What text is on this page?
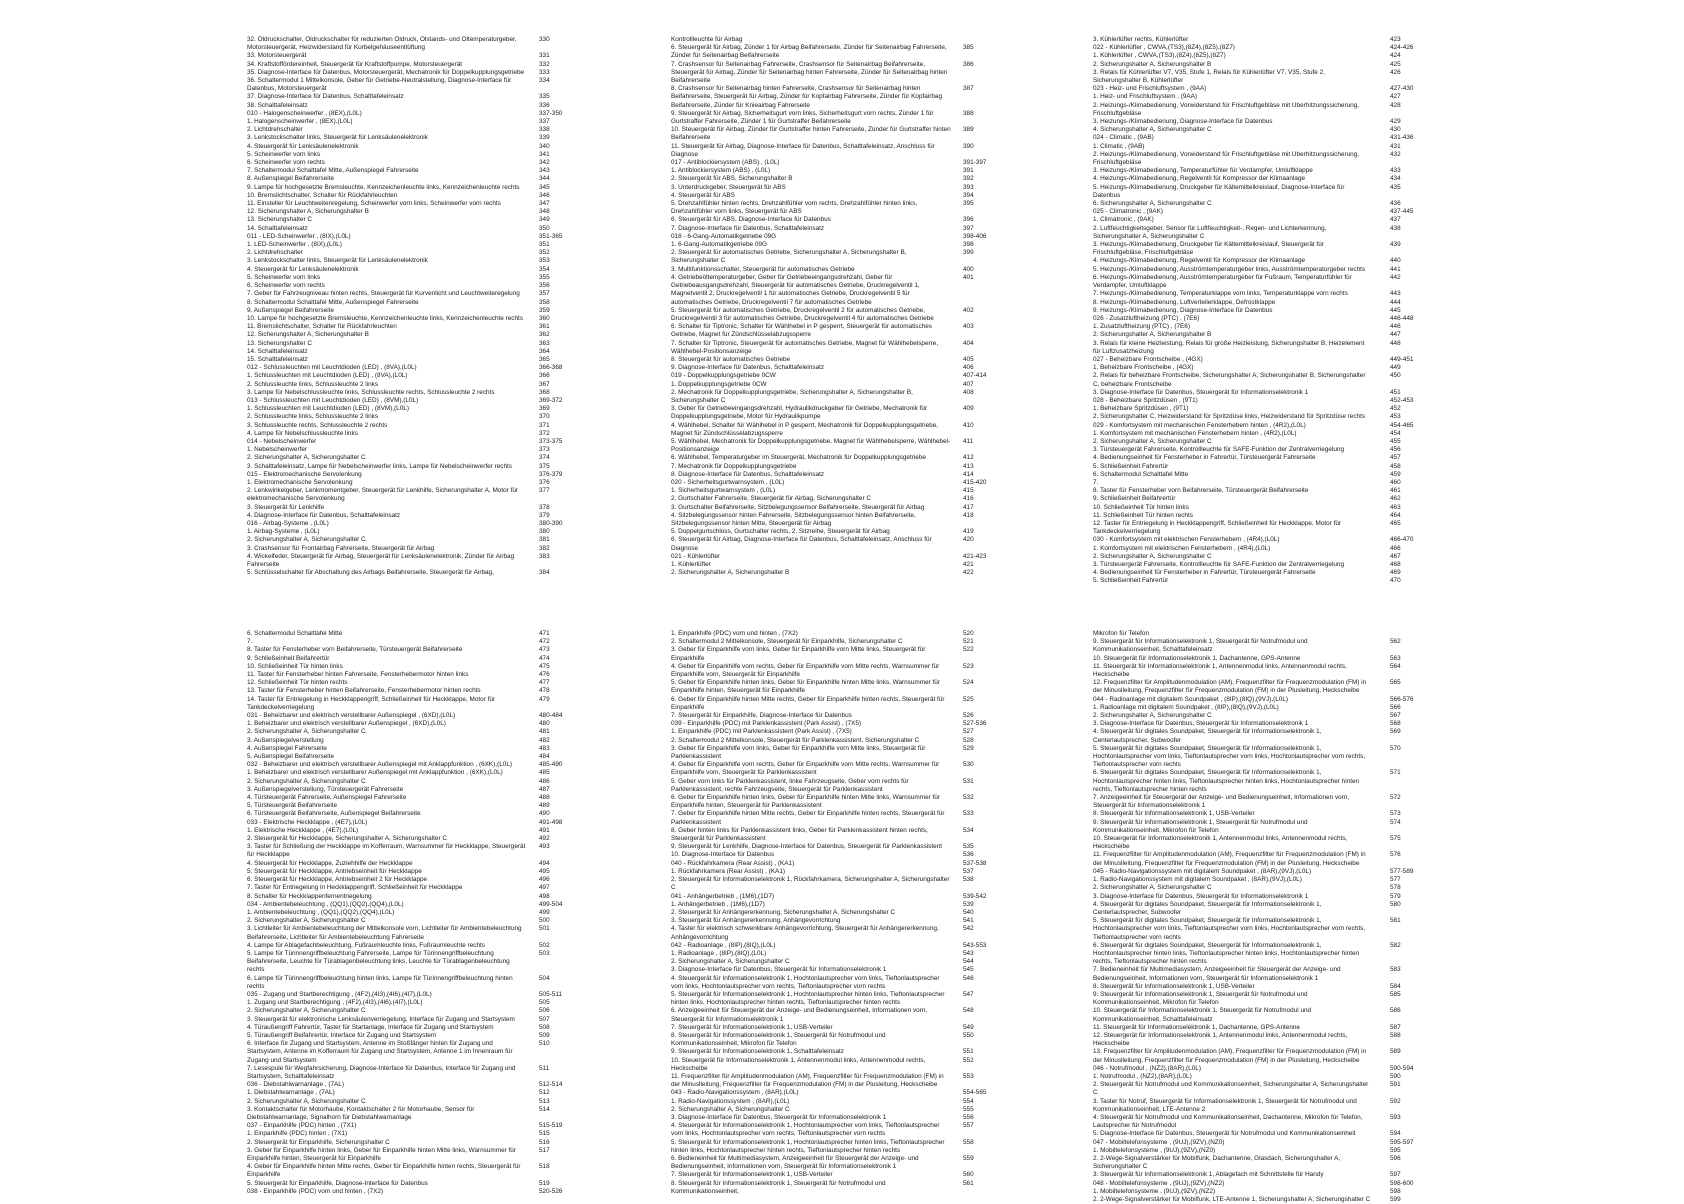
32. Öldruckschalter, Öldruckschalter für reduzierten Öldruck, Ölstands- und Öltemperaturgeber, Motorsteuergerät, Heizwiderstand für Kurbelgehäuseentlüftung
330
33. Motorsteuergerät	331
34. Kraftstoffördereinheit, Steuergerät für Kraftstoffpumpe, Motorsteuergerät	332
35. Diagnose-Interface für Datenbus, Motorsteuergerät, Mechatronik für Doppelkupplungsgetriebe	333
36. Schaltermodul 1 Mittelkonsole, Geber für Getriebe-Neutralstellung, Diagnose-Interface für Datenbus, Motorsteuergerät
334
37. Diagnose-Interface für Datenbus, Schalttafeleinsatz	335
38. Schalttafeleinsatz	336
010 - Halogenscheinwerfer , (8EX),(L0L)	337-350
1. Halogenscheinwerfer , (8EX),(L0L)	337
2. Lichtdrehschalter	338
3. Lenkstockschalter links, Steuergerät für Lenksäulenelektronik	339
4. Steuergerät für Lenksäulenelektronik	340
5. Scheinwerfer vorn links	341
6. Scheinwerfer vorn rechts	342
7. Schaltermodul Schalttafel Mitte, Außenspiegel Fahrerseite	343
8. Außenspiegel Beifahrerseite	344
9. Lampe für hochgesetzte Bremsleuchte, Kennzeichenleuchte links, Kennzeichenleuchte rechts	345
10. Bremslichtschalter, Schalter für Rückfahrleuchten	346
11. Einsteller für Leuchtweitenregelung, Scheinwerfer vorn links, Scheinwerfer vorn rechts	347
12. Sicherungshalter A, Sicherungshalter B	348
13. Sicherungshalter C	349
14. Schalttafeleinsatz	350
011 - LED-Scheinwerfer , (8IX),(L0L)	351-365
1. LED-Scheinwerfer , (8IX),(L0L)	351
2. Lichtdrehschalter	352
3. Lenkstockschalter links, Steuergerät für Lenksäulenelektronik	353
4. Steuergerät für Lenksäulenelektronik	354
5. Scheinwerfer vorn links	355
6. Scheinwerfer vorn rechts	356
7. Geber für Fahrzeugniveau hinten rechts, Steuergerät für Kurvenlicht und Leuchtweiteregelung	357
8. Schaltermodul Schalttafel Mitte, Außenspiegel Fahrerseite	358
9. Außenspiegel Beifahrerseite	359
10. Lampe für hochgesetzte Bremsleuchte, Kennzeichenleuchte links, Kennzeichenleuchte rechts	360
11. Bremslichtschalter, Schalter für Rückfahrleuchten	361
12. Sicherungshalter A, Sicherungshalter B	362
13. Sicherungshalter C	363
14. Schalttafeleinsatz	364
15. Schalttafeleinsatz	365
012 - Schlussleuchten mit Leuchtdioden (LED) , (8VA),(L0L)	366-368
1. Schlussleuchten mit Leuchtdioden (LED) , (8VA),(L0L)	366
2. Schlussleuchte links, Schlussleuchte 2 links	367
3. Lampe für Nebelschlussleuchte links, Schlussleuchte rechts, Schlussleuchte 2 rechts	368
013 - Schlussleuchten mit Leuchtdioden (LED) , (8VM),(L0L)	369-372
1. Schlussleuchten mit Leuchtdioden (LED) , (8VM),(L0L)	369
2. Schlussleuchte links, Schlussleuchte 2 links	370
3. Schlussleuchte rechts, Schlussleuchte 2 rechts	371
4. Lampe für Nebelschlussleuchte links	372
014 - Nebelscheinwerfer	373-375
1. Nebelscheinwerfer	373
2. Sicherungshalter A, Sicherungshalter C	374
3. Schalttafeleinsatz, Lampe für Nebelscheinwerfer links, Lampe für Nebelscheinwerfer rechts	375
015 - Elektromechanische Servolenkung	376-379
1. Elektromechanische Servolenkung	376
2. Lenkwinkelgeber, Lenkmomentgeber, Steuergerät für Lenkhilfe, Sicherungshalter A, Motor für elektromechanische Servolenkung
377
3. Steuergerät für Lenkhilfe	378
4. Diagnose-Interface für Datenbus, Schalttafeleinsatz	379
016 - Airbag-Systeme , (L0L)	380-390
1. Airbag-Systeme , (L0L)	380
2. Sicherungshalter A, Sicherungshalter C	381
3. Crashsensor für Frontairbag Fahrerseite, Steuergerät für Airbag	382
4. Wickelfeder, Steuergerät für Airbag, Steuergerät für Lenksäulenelektronik, Zünder für Airbag Fahrerseite
383
5. Schlüsselschalter für Abschaltung des Airbags Beifahrerseite, Steuergerät für Airbag,	384
Kontrollleuchte für Airbag
6. Steuergerät für Airbag, Zünder 1 für Airbag Beifahrerseite, Zünder für Seitenairbag Fahrerseite, Zünder für Seitenairbag Beifahrerseite
385
7. Crashsensor für Seitenairbag Fahrerseite, Crashsensor für Seitenairbag Beifahrerseite, Steuergerät für Airbag, Zünder für Seitenairbag hinten Fahrerseite, Zünder für Seitenairbag hinten Beifahrerseite
386
8. Crashsensor für Seitenairbag hinten Fahrerseite, Crashsensor für Seitenairbag hinten Beifahrerseite, Steuergerät für Airbag, Zünder für Kopfairbag Fahrerseite, Zünder für Kopfairbag Beifahrerseite, Zünder für Knieairbag Fahrerseite
387
9. Steuergerät für Airbag, Sicherheitsgurt vorn links, Sicherheitsgurt vorn rechts, Zünder 1 für Gurtstraffer Fahrerseite, Zünder 1 für Gurtstraffer Beifahrerseite
388
10. Steuergerät für Airbag, Zünder für Gurtstraffer hinten Fahrerseite, Zünder für Gurtstraffer hinten Beifahrerseite
389
11. Steuergerät für Airbag, Diagnose-Interface für Datenbus, Schalttafeleinsatz, Anschluss für Diagnose
390
017 - Antiblockiersystem (ABS) , (L0L)	391-397
1. Antiblockiersystem (ABS) , (L0L)	391
2. Steuergerät für ABS, Sicherungshalter B	392
3. Unterdruckgeber, Steuergerät für ABS	393
4. Steuergerät für ABS	394
5. Drehzahlfühler hinten rechts, Drehzahlfühler vorn rechts, Drehzahlfühler hinten links, Drehzahlfühler vorn links, Steuergerät für ABS
395
6. Steuergerät für ABS, Diagnose-Interface für Datenbus	396
7. Diagnose-Interface für Datenbus, Schalttafeleinsatz	397
018 - 6-Gang-Automatikgetriebe 09G	398-406
1. 6-Gang-Automatikgetriebe 09G	398
2. Steuergerät für automatisches Getriebe, Sicherungshalter A, Sicherungshalter B, Sicherungshalter C
399
3. Multifunktionsschalter, Steuergerät für automatisches Getriebe	400
4. Getriebeöltemperaturgeber, Geber für Getriebeeingangsdrehzahl, Geber für Getriebeausgangsdrehzahl, Steuergerät für automatisches Getriebe, Druckregelventil 1, Magnetventil 2, Druckregelventil 1 für automatisches Getriebe, Druckregelventil 5 für automatisches Getriebe, Druckregelventil 7 für automatisches Getriebe
401
5. Steuergerät für automatisches Getriebe, Druckregelventil 2 für automatisches Getriebe, Druckregelventil 3 für automatisches Getriebe, Druckregelventil 4 für automatisches Getriebe
402
6. Schalter für Tiptronic, Schalter für Wählhebel in P gesperrt, Steuergerät für automatisches Getriebe, Magnet für Zündschlüsselabzugssperre
403
7. Schalter für Tiptronic, Steuergerät für automatisches Getriebe, Magnet für Wählhebelsperre, Wählhebel-Positionsanzeige
404
8. Steuergerät für automatisches Getriebe	405
9. Diagnose-Interface für Datenbus, Schalttafeleinsatz	406
019 - Doppelkupplungsgetriebe 0CW	407-414
1. Doppelkupplungsgetriebe 0CW	407
2. Mechatronik für Doppelkupplungsgetriebe, Sicherungshalter A, Sicherungshalter B, Sicherungshalter C
408
3. Geber für Getriebeeingangsdrehzahl, Hydraulikdruckgeber für Getriebe, Mechatronik für Doppelkupplungsgetriebe, Motor für Hydraulikpumpe
409
4. Wählhebel, Schalter für Wählhebel in P gesperrt, Mechatronik für Doppelkupplungsgetriebe, Magnet für Zündschlüsselabzugssperre
410
5. Wählhebel, Mechatronik für Doppelkupplungsgetriebe, Magnet für Wählhebelsperre, Wählhebel-Positionsanzeige
411
6. Wählhebel, Temperaturgeber im Steuergerät, Mechatronik für Doppelkupplungsgetriebe	412
7. Mechatronik für Doppelkupplungsgetriebe	413
8. Diagnose-Interface für Datenbus, Schalttafeleinsatz	414
020 - Sicherheitsgurtwarnsystem , (L0L)	415-420
1. Sicherheitsgurtwarnsystem , (L0L)	415
2. Gurtschalter Fahrerseite, Steuergerät für Airbag, Sicherungshalter C	416
3. Gurtschalter Beifahrerseite, Sitzbelegungssensor Beifahrerseite, Steuergerät für Airbag	417
4. Sitzbelegungssensor hinten Fahrerseite, Sitzbelegungssensor hinten Beifahrerseite, Sitzbelegungssensor hinten Mitte, Steuergerät für Airbag
418
5. Doppelgurtschloss, Gurtschalter rechts, 2. Sitzreihe, Steuergerät für Airbag	419
6. Steuergerät für Airbag, Diagnose-Interface für Datenbus, Schalttafeleinsatz, Anschluss für Diagnose
420
021 - Kühlerlüfter	421-423
1. Kühlerlüfter	421
2. Sicherungshalter A, Sicherungshalter B	422
3. Kühlerlüfter rechts, Kühlerlüfter	423
022 - Kühlerlüfter , CWVA,(TS3),(8Z4),(8Z5),(8Z7)	424-426
1. Kühlerlüfter , CWVA,(TS3),(8Z4),(8Z5),(8Z7)	424
2. Sicherungshalter A, Sicherungshalter B	425
3. Relais für Kühlerlüfter V7, V35, Stufe 1, Relais für Kühlerlüfter V7, V35, Stufe 2, Sicherungshalter B, Kühlerlüfter
426
023 - Heiz- und Frischluftsystem , (9AA)	427-430
1. Heiz- und Frischluftsystem , (9AA)	427
2. Heizungs-/Klimabedienung, Vorwiderstand für Frischluftgebläse mit Überhitzungssicherung, Frischluftgebläse
428
3. Heizungs-/Klimabedienung, Diagnose-Interface für Datenbus	429
4. Sicherungshalter A, Sicherungshalter C	430
024 - Climatic , (9AB)	431-436
1. Climatic , (9AB)	431
2. Heizungs-/Klimabedienung, Vorwiderstand für Frischluftgebläse mit Überhitzungssicherung, Frischluftgebläse
432
3. Heizungs-/Klimabedienung, Temperaturfühler für Verdampfer, Umluftklappe	433
4. Heizungs-/Klimabedienung, Regelventil für Kompressor der Klimaanlage	434
5. Heizungs-/Klimabedienung, Druckgeber für Kältemittelkreislauf, Diagnose-Interface für Datenbus
435
6. Sicherungshalter A, Sicherungshalter C	436
025 - Climatronic , (9AK)	437-445
1. Climatronic , (9AK)	437
2. Luftfeuchtigkeitsgeber, Sensor für Luftfeuchtigkeit-, Regen- und Lichterkennung, Sicherungshalter A, Sicherungshalter C
438
3. Heizungs-/Klimabedienung, Druckgeber für Kältemittelkreislauf, Steuergerät für Frischluftgebläse, Frischluftgebläse
439
4. Heizungs-/Klimabedienung, Regelventil für Kompressor der Klimaanlage	440
5. Heizungs-/Klimabedienung, Ausströmtemperaturgeber links, Ausströmtemperaturgeber rechts	441
6. Heizungs-/Klimabedienung, Ausströmtemperaturgeber für Fußraum, Temperaturfühler für Verdampfer, Umluftklappe
442
7. Heizungs-/Klimabedienung, Temperaturklappe vorn links, Temperaturklappe vorn rechts	443
8. Heizungs-/Klimabedienung, Luftverteilerklappe, Defrostklappe	444
9. Heizungs-/Klimabedienung, Diagnose-Interface für Datenbus	445
026 - Zusatzluftheizung (PTC) , (7E6)	446-448
1. Zusatzluftheizung (PTC) , (7E6)	446
2. Sicherungshalter A, Sicherungshalter B	447
3. Relais für kleine Heizleistung, Relais für große Heizleistung, Sicherungshalter B, Heizelement für Luftzusatzheizung
448
027 - Beheizbare Frontscheibe , (4GX)	449-451
1. Beheizbare Frontscheibe , (4GX)	449
2. Relais für beheizbare Frontscheibe, Sicherungshalter A, Sicherungshalter B, Sicherungshalter C, beheizbare Frontscheibe
450
3. Diagnose-Interface für Datenbus, Steuergerät für Informationselektronik 1	451
028 - Beheizbare Spritzdüsen , (9T1)	452-453
1. Beheizbare Spritzdüsen , (9T1)	452
2. Sicherungshalter C, Heizwiderstand für Spritzdüse links, Heizwiderstand für Spritzdüse rechts	453
029 - Komfortsystem mit mechanischen Fensterhebern hinten , (4R2),(L0L)	454-465
1. Komfortsystem mit mechanischen Fensterhebern hinten , (4R2),(L0L)	454
2. Sicherungshalter A, Sicherungshalter C	455
3. Türsteuergerät Fahrerseite, Kontrollleuchte für SAFE-Funktion der Zentralverriegelung	456
4. Bedienungseinheit für Fensterheber in Fahrertür, Türsteuergerät Fahrerseite	457
5. Schließeinheit Fahrertür	458
6. Schaltermodul Schalttafel Mitte	459
7.	460
8. Taster für Fensterheber vorn Beifahrerseite, Türsteuergerät Beifahrerseite	461
9. Schließeinheit Beifahrertür	462
10. Schließeinheit Tür hinten links	463
11. Schließeinheit Tür hinten rechts	464
12. Taster für Entriegelung in Heckklappengriff, Schließeinheit für Heckklappe, Motor für Tankdeckelverriegelung
465
030 - Komfortsystem mit elektrischen Fensterhebern , (4R4),(L0L)	466-470
1. Komfortsystem mit elektrischen Fensterhebern , (4R4),(L0L)	466
2. Sicherungshalter A, Sicherungshalter C	467
3. Türsteuergerät Fahrerseite, Kontrollleuchte für SAFE-Funktion der Zentralverriegelung	468
4. Bedienungseinheit für Fensterheber in Fahrertür, Türsteuergerät Fahrerseite	469
5. Schließeinheit Fahrertür	470
6. Schaltermodul Schalttafel Mitte	471
7.	472
8. Taster für Fensterheber vorn Beifahrerseite, Türsteuergerät Beifahrerseite	473
9. Schließeinheit Beifahrertür	474
10. Schließeinheit Tür hinten links	475
11. Taster für Fensterheber hinten Fahrerseite, Fensterhebermotor hinten links	476
12. Schließeinheit Tür hinten rechts	477
13. Taster für Fensterheber hinten Beifahrerseite, Fensterhebermotor hinten rechts	478
14. Taster für Entriegelung in Heckklappengriff, Schließeinheit für Heckklappe, Motor für Tankdeckelverriegelung
479
031 - Beheizbarer und elektrisch verstellbarer Außenspiegel , (6XD),(L0L)	480-484
1. Beheizbarer und elektrisch verstellbarer Außenspiegel , (6XD),(L0L)	480
2. Sicherungshalter A, Sicherungshalter C	481
3. Außenspiegelverstellung	482
4. Außenspiegel Fahrerseite	483
5. Außenspiegel Beifahrerseite	484
032 - Beheizbarer und elektrisch verstellbarer Außenspiegel mit Anklappfunktion , (6XK),(L0L)	485-490
1. Beheizbarer und elektrisch verstellbarer Außenspiegel mit Anklappfunktion , (6XK),(L0L)	485
2. Sicherungshalter A, Sicherungshalter C	486
3. Außenspiegelverstellung, Türsteuergerät Fahrerseite	487
4. Türsteuergerät Fahrerseite, Außenspiegel Fahrerseite	488
5. Türsteuergerät Beifahrerseite	489
6. Türsteuergerät Beifahrerseite, Außenspiegel Beifahrerseite	490
033 - Elektrische Heckklappe , (4E7),(L0L)	491-498
1. Elektrische Heckklappe , (4E7),(L0L)	491
2. Steuergerät für Heckklappe, Sicherungshalter A, Sicherungshalter C	492
3. Taster für Schließung der Heckklappe im Kofferraum, Warnsummer für Heckklappe, Steuergerät für Heckklappe
493
4. Steuergerät für Heckklappe, Zuziehhilfe der Heckklappe	494
5. Steuergerät für Heckklappe, Antriebseinheit für Heckklappe	495
6. Steuergerät für Heckklappe, Antriebseinheit 2 für Heckklappe	496
7. Taster für Entriegelung in Heckklappengriff, Schließeinheit für Heckklappe	497
8. Schalter für Heckklappenfernentriegelung	498
034 - Ambientebeleuchtung , (QQ1),(QQ2),(QQ4),(L0L)	499-504
1. Ambientebeleuchtung , (QQ1),(QQ2),(QQ4),(L0L)	499
2. Sicherungshalter A, Sicherungshalter C	500
3. Lichtleiter für Ambientebeleuchtung der Mittelkonsole vorn, Lichtleiter für Ambientebeleuchtung Beifahrerseite, Lichtleiter für Ambientebeleuchtung Fahrerseite
501
4. Lampe für Ablagefachbeleuchtung, Fußraumleuchte links, Fußraumleuchte rechts	502
5. Lampe für Türinnengriffbeleuchtung Fahrerseite, Lampe für Türinnengriffbeleuchtung Beifahrerseite, Leuchte für Türablagenbeleuchtung links, Leuchte für Türablagenbeleuchtung rechts
503
6. Lampe für Türinnengriffbeleuchtung hinten links, Lampe für Türinnengriffbeleuchtung hinten rechts
504
035 - Zugang und Startberechtigung , (4F2),(4I3),(4I6),(4I7),(L0L)	505-511
1. Zugang und Startberechtigung , (4F2),(4I3),(4I6),(4I7),(L0L)	505
2. Sicherungshalter A, Sicherungshalter C	506
3. Steuergerät für elektronische Lenksäulenverriegelung, Interface für Zugang und Startsystem	507
4. Türaußengriff Fahrertür, Taster für Startanlage, Interface für Zugang und Startsystem	508
5. Türaußengriff Beifahrertür, Interface für Zugang und Startsystem	509
6. Interface für Zugang und Startsystem, Antenne im Stoßfänger hinten für Zugang und Startsystem, Antenne im Kofferraum für Zugang und Startsystem, Antenne 1 im Innenraum für Zugang und Startsystem
510
7. Lesespule für Wegfahrsicherung, Diagnose-Interface für Datenbus, Interface für Zugang und Startsystem, Schalttafeleinsatz
511
036 - Diebstahlwarnanlage , (7AL)	512-514
1. Diebstahlwarnanlage , (7AL)	512
2. Sicherungshalter A, Sicherungshalter C	513
3. Kontaktschalter für Motorhaube, Kontaktschalter 2 für Motorhaube, Sensor für Diebstahlwarnanlage, Signalhorn für Diebstahlwarnanlage
514
037 - Einparkhilfe (PDC) hinten , (7X1)	515-519
1. Einparkhilfe (PDC) hinten , (7X1)	515
2. Steuergerät für Einparkhilfe, Sicherungshalter C	516
3. Geber für Einparkhilfe hinten links, Geber für Einparkhilfe hinten Mitte links, Warnsummer für Einparkhilfe hinten, Steuergerät für Einparkhilfe
517
4. Geber für Einparkhilfe hinten Mitte rechts, Geber für Einparkhilfe hinten rechts, Steuergerät für Einparkhilfe
518
5. Steuergerät für Einparkhilfe, Diagnose-Interface für Datenbus	519
038 - Einparkhilfe (PDC) vorn und hinten , (7X2)	520-526
1. Einparkhilfe (PDC) vorn und hinten , (7X2)	520
2. Schaltermodul 2 Mittelkonsole, Steuergerät für Einparkhilfe, Sicherungshalter C	521
3. Geber für Einparkhilfe vorn links, Geber für Einparkhilfe vorn Mitte links, Steuergerät für Einparkhilfe
522
4. Geber für Einparkhilfe vorn rechts, Geber für Einparkhilfe vorn Mitte rechts, Warnsummer für Einparkhilfe vorn, Steuergerät für Einparkhilfe
523
5. Geber für Einparkhilfe hinten links, Geber für Einparkhilfe hinten Mitte links, Warnsummer für Einparkhilfe hinten, Steuergerät für Einparkhilfe
524
6. Geber für Einparkhilfe hinten Mitte rechts, Geber für Einparkhilfe hinten rechts, Steuergerät für Einparkhilfe
525
7. Steuergerät für Einparkhilfe, Diagnose-Interface für Datenbus	526
039 - Einparkhilfe (PDC) mit Parklenkassistent (Park Assist) , (7X5)	527-536
1. Einparkhilfe (PDC) mit Parklenkassistent (Park Assist) , (7X5)	527
2. Schaltermodul 2 Mittelkonsole, Steuergerät für Parklenkassistent, Sicherungshalter C	528
3. Geber für Einparkhilfe vorn links, Geber für Einparkhilfe vorn Mitte links, Steuergerät für Parklenkassistent
529
4. Geber für Einparkhilfe vorn rechts, Geber für Einparkhilfe vorn Mitte rechts, Warnsummer für Einparkhilfe vorn, Steuergerät für Parklenkassistent
530
5. Geber vorn links für Parklenkassistent, linke Fahrzeugseite, Geber vorn rechts für Parklenkassistent, rechte Fahrzeugseite, Steuergerät für Parklenkassistent
531
6. Geber für Einparkhilfe hinten links, Geber für Einparkhilfe hinten Mitte links, Warnsummer für Einparkhilfe hinten, Steuergerät für Parklenkassistent
532
7. Geber für Einparkhilfe hinten Mitte rechts, Geber für Einparkhilfe hinten rechts, Steuergerät für Parklenkassistent
533
8. Geber hinten links für Parklenkassistent links, Geber für Parklenkassistent hinten rechts, Steuergerät für Parklenkassistent
534
9. Steuergerät für Lenkhilfe, Diagnose-Interface für Datenbus, Steuergerät für Parklenkassistent	535
10. Diagnose-Interface für Datenbus	536
040 - Rückfahrkamera (Rear Assist) , (KA1)	537-538
1. Rückfahrkamera (Rear Assist) , (KA1)	537
2. Steuergerät für Informationselektronik 1, Rückfahrkamera, Sicherungshalter A, Sicherungshalter C
538
041 - Anhängerbetrieb , (1M6),(1D7)	539-542
1. Anhängerbetrieb , (1M6),(1D7)	539
2. Steuergerät für Anhängererkennung, Sicherungshalter A, Sicherungshalter C	540
3. Steuergerät für Anhängererkennung, Anhängevorrichtung	541
4. Taster für elektrisch schwenkbare Anhängevorrichtung, Steuergerät für Anhängererkennung, Anhängevorrichtung
542
042 - Radioanlage , (8IP),(8IQ),(L0L)	543-553
1. Radioanlage , (8IP),(8IQ),(L0L)	543
2. Sicherungshalter A, Sicherungshalter C	544
3. Diagnose-Interface für Datenbus, Steuergerät für Informationselektronik 1	545
4. Steuergerät für Informationselektronik 1, Hochtonlautsprecher vorn links, Tieftonlautsprecher vorn links, Hochtonlautsprecher vorn rechts, Tieftonlautsprecher vorn rechts
546
5. Steuergerät für Informationselektronik 1, Hochtonlautsprecher hinten links, Tieftonlautsprecher hinten links, Hochtonlautsprecher hinten rechts, Tieftonlautsprecher hinten rechts
547
6. Anzeigeeinheit für Steuergerät der Anzeige- und Bedienungseinheit, Informationen vorn, Steuergerät für Informationselektronik 1
548
7. Steuergerät für Informationselektronik 1, USB-Verteiler	549
8. Steuergerät für Informationselektronik 1, Steuergerät für Notrufmodul und Kommunikationseinheit, Mikrofon für Telefon
550
9. Steuergerät für Informationselektronik 1, Schalttafeleinsatz	551
10. Steuergerät für Informationselektronik 1, Antennenmodul links, Antennenmodul rechts, Heckscheibe
552
11. Frequenzfilter für Amplitudenmodulation (AM), Frequenzfilter für Frequenzmodulation (FM) in der Minuslleitung, Frequenzfilter für Frequenzmodulation (FM) in der Plusleitung, Heckscheibe
553
043 - Radio-Navigationssystem , (8AR),(L0L)	554-565
1. Radio-Navigationssystem , (8AR),(L0L)	554
2. Sicherungshalter A, Sicherungshalter C	555
3. Diagnose-Interface für Datenbus, Steuergerät für Informationselektronik 1	556
4. Steuergerät für Informationselektronik 1, Hochtonlautsprecher vorn links, Tieftonlautsprecher vorn links, Hochtonlautsprecher vorn rechts, Tieftonlautsprecher vorn rechts
557
5. Steuergerät für Informationselektronik 1, Hochtonlautsprecher hinten links, Tieftonlautsprecher hinten links, Hochtonlautsprecher hinten rechts, Tieftonlautsprecher hinten rechts
558
6. Bedieneinheit für Multimediasystem, Anzeigeeinheit für Steuergerät der Anzeige- und Bedienungseinheit, Informationen vorn, Steuergerät für Informationselektronik 1
559
7. Steuergerät für Informationselektronik 1, USB-Verteiler	560
8. Steuergerät für Informationselektronik 1, Steuergerät für Notrufmodul und Kommunikationseinheit,
561
Mikrofon für Telefon
9. Steuergerät für Informationselektronik 1, Steuergerät für Notrufmodul und Kommunikationseinheit, Schalttafeleinsatz
562
10. Steuergerät für Informationselektronik 1, Dachantenne, GPS-Antenne	563
11. Steuergerät für Informationselektronik 1, Antennenmodul links, Antennenmodul rechts, Heckscheibe
564
12. Frequenzfilter für Amplitudenmodulation (AM), Frequenzfilter für Frequenzmodulation (FM) in der Minuslleitung, Frequenzfilter für Frequenzmodulation (FM) in der Plusleitung, Heckscheibe
565
044 - Radioanlage mit digitalem Soundpaket , (8IP),(8IQ),(9VJ),(L0L)	566-576
1. Radioanlage mit digitalem Soundpaket , (8IP),(8IQ),(9VJ),(L0L)	566
2. Sicherungshalter A, Sicherungshalter C	567
3. Diagnose-Interface für Datenbus, Steuergerät für Informationselektronik 1	568
4. Steuergerät für digitales Soundpaket, Steuergerät für Informationselektronik 1, Centerlautsprecher, Subwoofer
569
5. Steuergerät für digitales Soundpaket, Steuergerät für Informationselektronik 1, Hochtonlautsprecher vorn links, Tieftonlautsprecher vorn links, Hochtonlautsprecher vorn rechts, Tieftonlautsprecher vorn rechts
570
6. Steuergerät für digitales Soundpaket, Steuergerät für Informationselektronik 1, Hochtonlautsprecher hinten links, Tieftonlautsprecher hinten links, Hochtonlautsprecher hinten rechts, Tieftonlautsprecher hinten rechts
571
7. Anzeigeeinheit für Steuergerät der Anzeige- und Bedienungseinheit, Informationen vorn, Steuergerät für Informationselektronik 1
572
8. Steuergerät für Informationselektronik 1, USB-Verteiler	573
9. Steuergerät für Informationselektronik 1, Steuergerät für Notrufmodul und Kommunikationseinheit, Mikrofon für Telefon
574
10. Steuergerät für Informationselektronik 1, Antennenmodul links, Antennenmodul rechts, Heckscheibe
575
11. Frequenzfilter für Amplitudenmodulation (AM), Frequenzfilter für Frequenzmodulation (FM) in der Minuslleitung, Frequenzfilter für Frequenzmodulation (FM) in der Plusleitung, Heckscheibe
576
045 - Radio-Navigationssystem mit digitalem Soundpaket , (8AR),(9VJ),(L0L)	577-589
1. Radio-Navigationssystem mit digitalem Soundpaket , (8AR),(9VJ),(L0L)	577
2. Sicherungshalter A, Sicherungshalter C	578
3. Diagnose-Interface für Datenbus, Steuergerät für Informationselektronik 1	579
4. Steuergerät für digitales Soundpaket, Steuergerät für Informationselektronik 1, Centerlautsprecher, Subwoofer
580
5. Steuergerät für digitales Soundpaket, Steuergerät für Informationselektronik 1, Hochtonlautsprecher vorn links, Tieftonlautsprecher vorn links, Hochtonlautsprecher vorn rechts, Tieftonlautsprecher vorn rechts
581
6. Steuergerät für digitales Soundpaket, Steuergerät für Informationselektronik 1, Hochtonlautsprecher hinten links, Tieftonlautsprecher hinten links, Hochtonlautsprecher hinten rechts, Tieftonlautsprecher hinten rechts
582
7. Bedieneinheit für Multimediasystem, Anzeigeeinheit für Steuergerät der Anzeige- und Bedienungseinheit, Informationen vorn, Steuergerät für Informationselektronik 1
583
8. Steuergerät für Informationselektronik 1, USB-Verteiler	584
9. Steuergerät für Informationselektronik 1, Steuergerät für Notrufmodul und Kommunikationseinheit, Mikrofon für Telefon
585
10. Steuergerät für Informationselektronik 1, Steuergerät für Notrufmodul und Kommunikationseinheit, Schalttafeleinsatz
586
11. Steuergerät für Informationselektronik 1, Dachantenne, GPS-Antenne	587
12. Steuergerät für Informationselektronik 1, Antennenmodul links, Antennenmodul rechts, Heckscheibe
588
13. Frequenzfilter für Amplitudenmodulation (AM), Frequenzfilter für Frequenzmodulation (FM) in der Minuslleitung, Frequenzfilter für Frequenzmodulation (FM) in der Plusleitung, Heckscheibe
589
046 - Notrufmodul , (NZ2),(8AR),(L0L)	590-594
1. Notrufmodul , (NZ2),(8AR),(L0L)	590
2. Steuergerät für Notrufmodul und Kommunikationseinheit, Sicherungshalter A, Sicherungshalter C
591
3. Taster für Notruf, Steuergerät für Informationselektronik 1, Steuergerät für Notrufmodul und Kommunikationseinheit, LTE-Antenne 2
592
4. Steuergerät für Notrufmodul und Kommunikationseinheit, Dachantenne, Mikrofon für Telefon, Lautsprecher für Notrufmodul
593
5. Diagnose-Interface für Datenbus, Steuergerät für Notrufmodul und Kommunikationseinheit	594
047 - Mobiltelefonsysteme , (9UJ),(9ZV),(NZ0)	595-597
1. Mobiltelefonsysteme , (9UJ),(9ZV),(NZ0)	595
2. 2-Wege-Signalverstärker für Mobilfunk, Dachantenne, Glasdach, Sicherungshalter A, Sicherungshalter C
596
3. Steuergerät für Informationselektronik 1, Ablagefach mit Schnittstelle für Handy	597
048 - Mobiltelefonsysteme , (9UJ),(9ZV),(NZ2)	598-600
1. Mobiltelefonsysteme , (9UJ),(9ZV),(NZ2)	598
2. 2-Wege-Signalverstärker für Mobilfunk, LTE-Antenne 1, Sicherungshalter A, Sicherungshalter C	599
